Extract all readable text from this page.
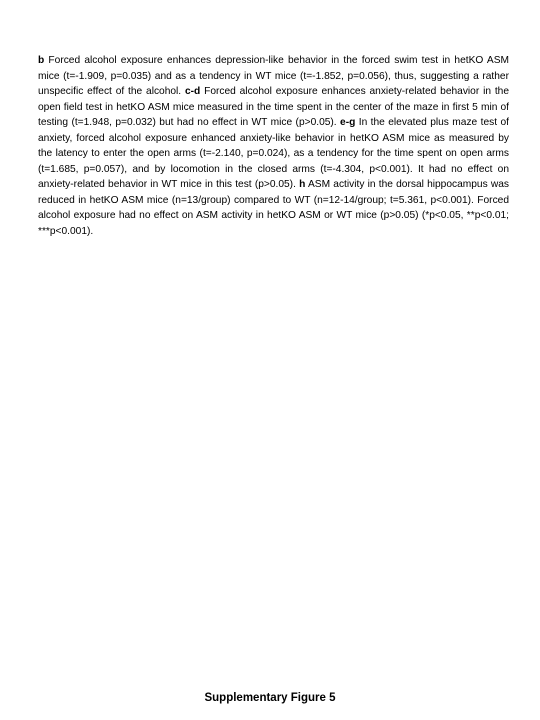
b Forced alcohol exposure enhances depression-like behavior in the forced swim test in hetKO ASM mice (t=-1.909, p=0.035) and as a tendency in WT mice (t=-1.852, p=0.056), thus, suggesting a rather unspecific effect of the alcohol. c-d Forced alcohol exposure enhances anxiety-related behavior in the open field test in hetKO ASM mice measured in the time spent in the center of the maze in first 5 min of testing (t=1.948, p=0.032) but had no effect in WT mice (p>0.05). e-g In the elevated plus maze test of anxiety, forced alcohol exposure enhanced anxiety-like behavior in hetKO ASM mice as measured by the latency to enter the open arms (t=-2.140, p=0.024), as a tendency for the time spent on open arms (t=1.685, p=0.057), and by locomotion in the closed arms (t=-4.304, p<0.001). It had no effect on anxiety-related behavior in WT mice in this test (p>0.05). h ASM activity in the dorsal hippocampus was reduced in hetKO ASM mice (n=13/group) compared to WT (n=12-14/group; t=5.361, p<0.001). Forced alcohol exposure had no effect on ASM activity in hetKO ASM or WT mice (p>0.05) (*p<0.05, **p<0.01; ***p<0.001).

Supplementary Figure 5
